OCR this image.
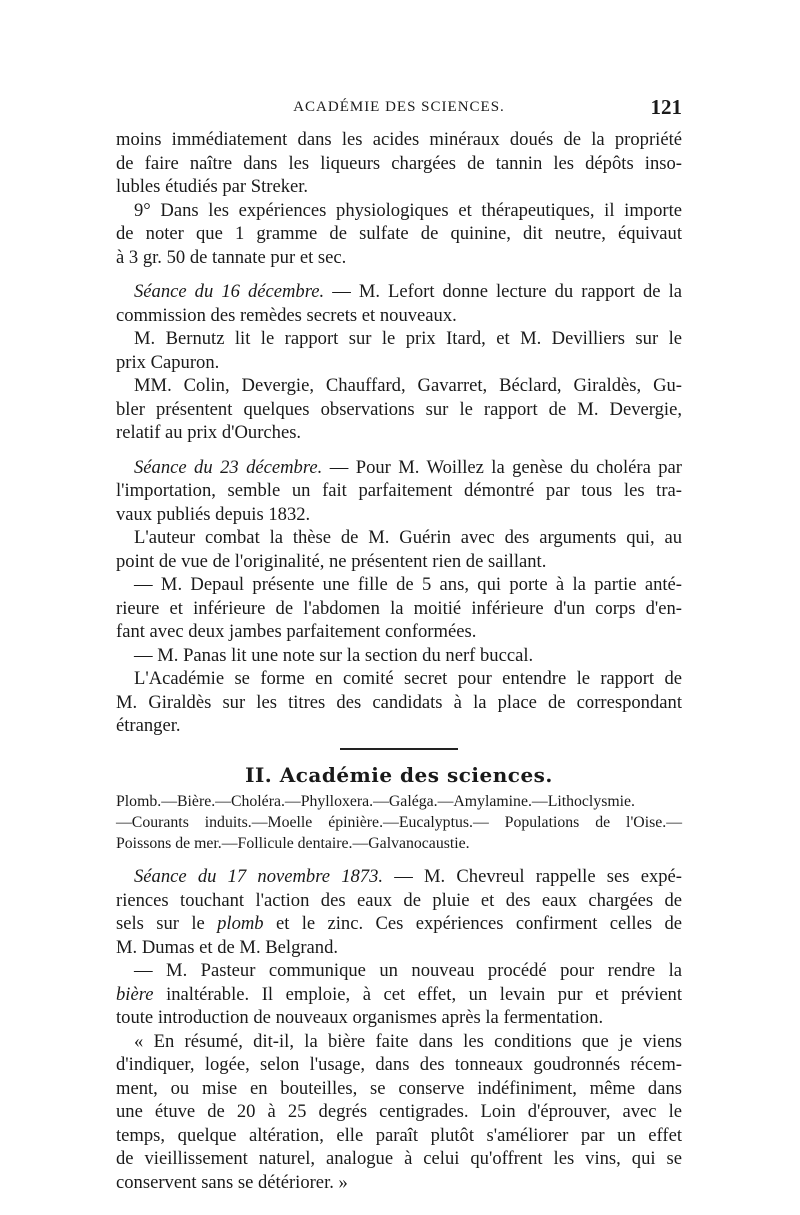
ACADÉMIE DES SCIENCES.	121
moins immédiatement dans les acides minéraux doués de la propriété
de faire naître dans les liqueurs chargées de tannin les dépôts inso-
lubles étudiés par Streker.
9° Dans les expériences physiologiques et thérapeutiques, il importe
de noter que 1 gramme de sulfate de quinine, dit neutre, équivaut
à 3 gr. 50 de tannate pur et sec.
Séance du 16 décembre. — M. Lefort donne lecture du rapport de la
commission des remèdes secrets et nouveaux.
M. Bernutz lit le rapport sur le prix Itard, et M. Devilliers sur le
prix Capuron.
MM. Colin, Devergie, Chauffard, Gavarret, Béclard, Giraldès, Gu-
bler présentent quelques observations sur le rapport de M. Devergie,
relatif au prix d'Ourches.
Séance du 23 décembre. — Pour M. Woillez la genèse du choléra par
l'importation, semble un fait parfaitement démontré par tous les tra-
vaux publiés depuis 1832.
L'auteur combat la thèse de M. Guérin avec des arguments qui, au
point de vue de l'originalité, ne présentent rien de saillant.
— M. Depaul présente une fille de 5 ans, qui porte à la partie anté-
rieure et inférieure de l'abdomen la moitié inférieure d'un corps d'en-
fant avec deux jambes parfaitement conformées.
— M. Panas lit une note sur la section du nerf buccal.
L'Académie se forme en comité secret pour entendre le rapport de
M. Giraldès sur les titres des candidats à la place de correspondant
étranger.
II. Académie des sciences.
Plomb.—Bière.—Choléra.—Phylloxera.—Galéga.—Amylamine.—Lithoclysmie.
—Courants induits.—Moelle épinière.—Eucalyptus.— Populations de l'Oise.—
Poissons de mer.—Follicule dentaire.—Galvanocaustie.
Séance du 17 novembre 1873. — M. Chevreul rappelle ses expé-
riences touchant l'action des eaux de pluie et des eaux chargées de
sels sur le plomb et le zinc. Ces expériences confirment celles de
M. Dumas et de M. Belgrand.
— M. Pasteur communique un nouveau procédé pour rendre la
bière inaltérable. Il emploie, à cet effet, un levain pur et prévient
toute introduction de nouveaux organismes après la fermentation.
« En résumé, dit-il, la bière faite dans les conditions que je viens
d'indiquer, logée, selon l'usage, dans des tonneaux goudronnés récem-
ment, ou mise en bouteilles, se conserve indéfiniment, même dans
une étuve de 20 à 25 degrés centigrades. Loin d'éprouver, avec le
temps, quelque altération, elle paraît plutôt s'améliorer par un effet
de vieillissement naturel, analogue à celui qu'offrent les vins, qui se
conservent sans se détériorer. »
